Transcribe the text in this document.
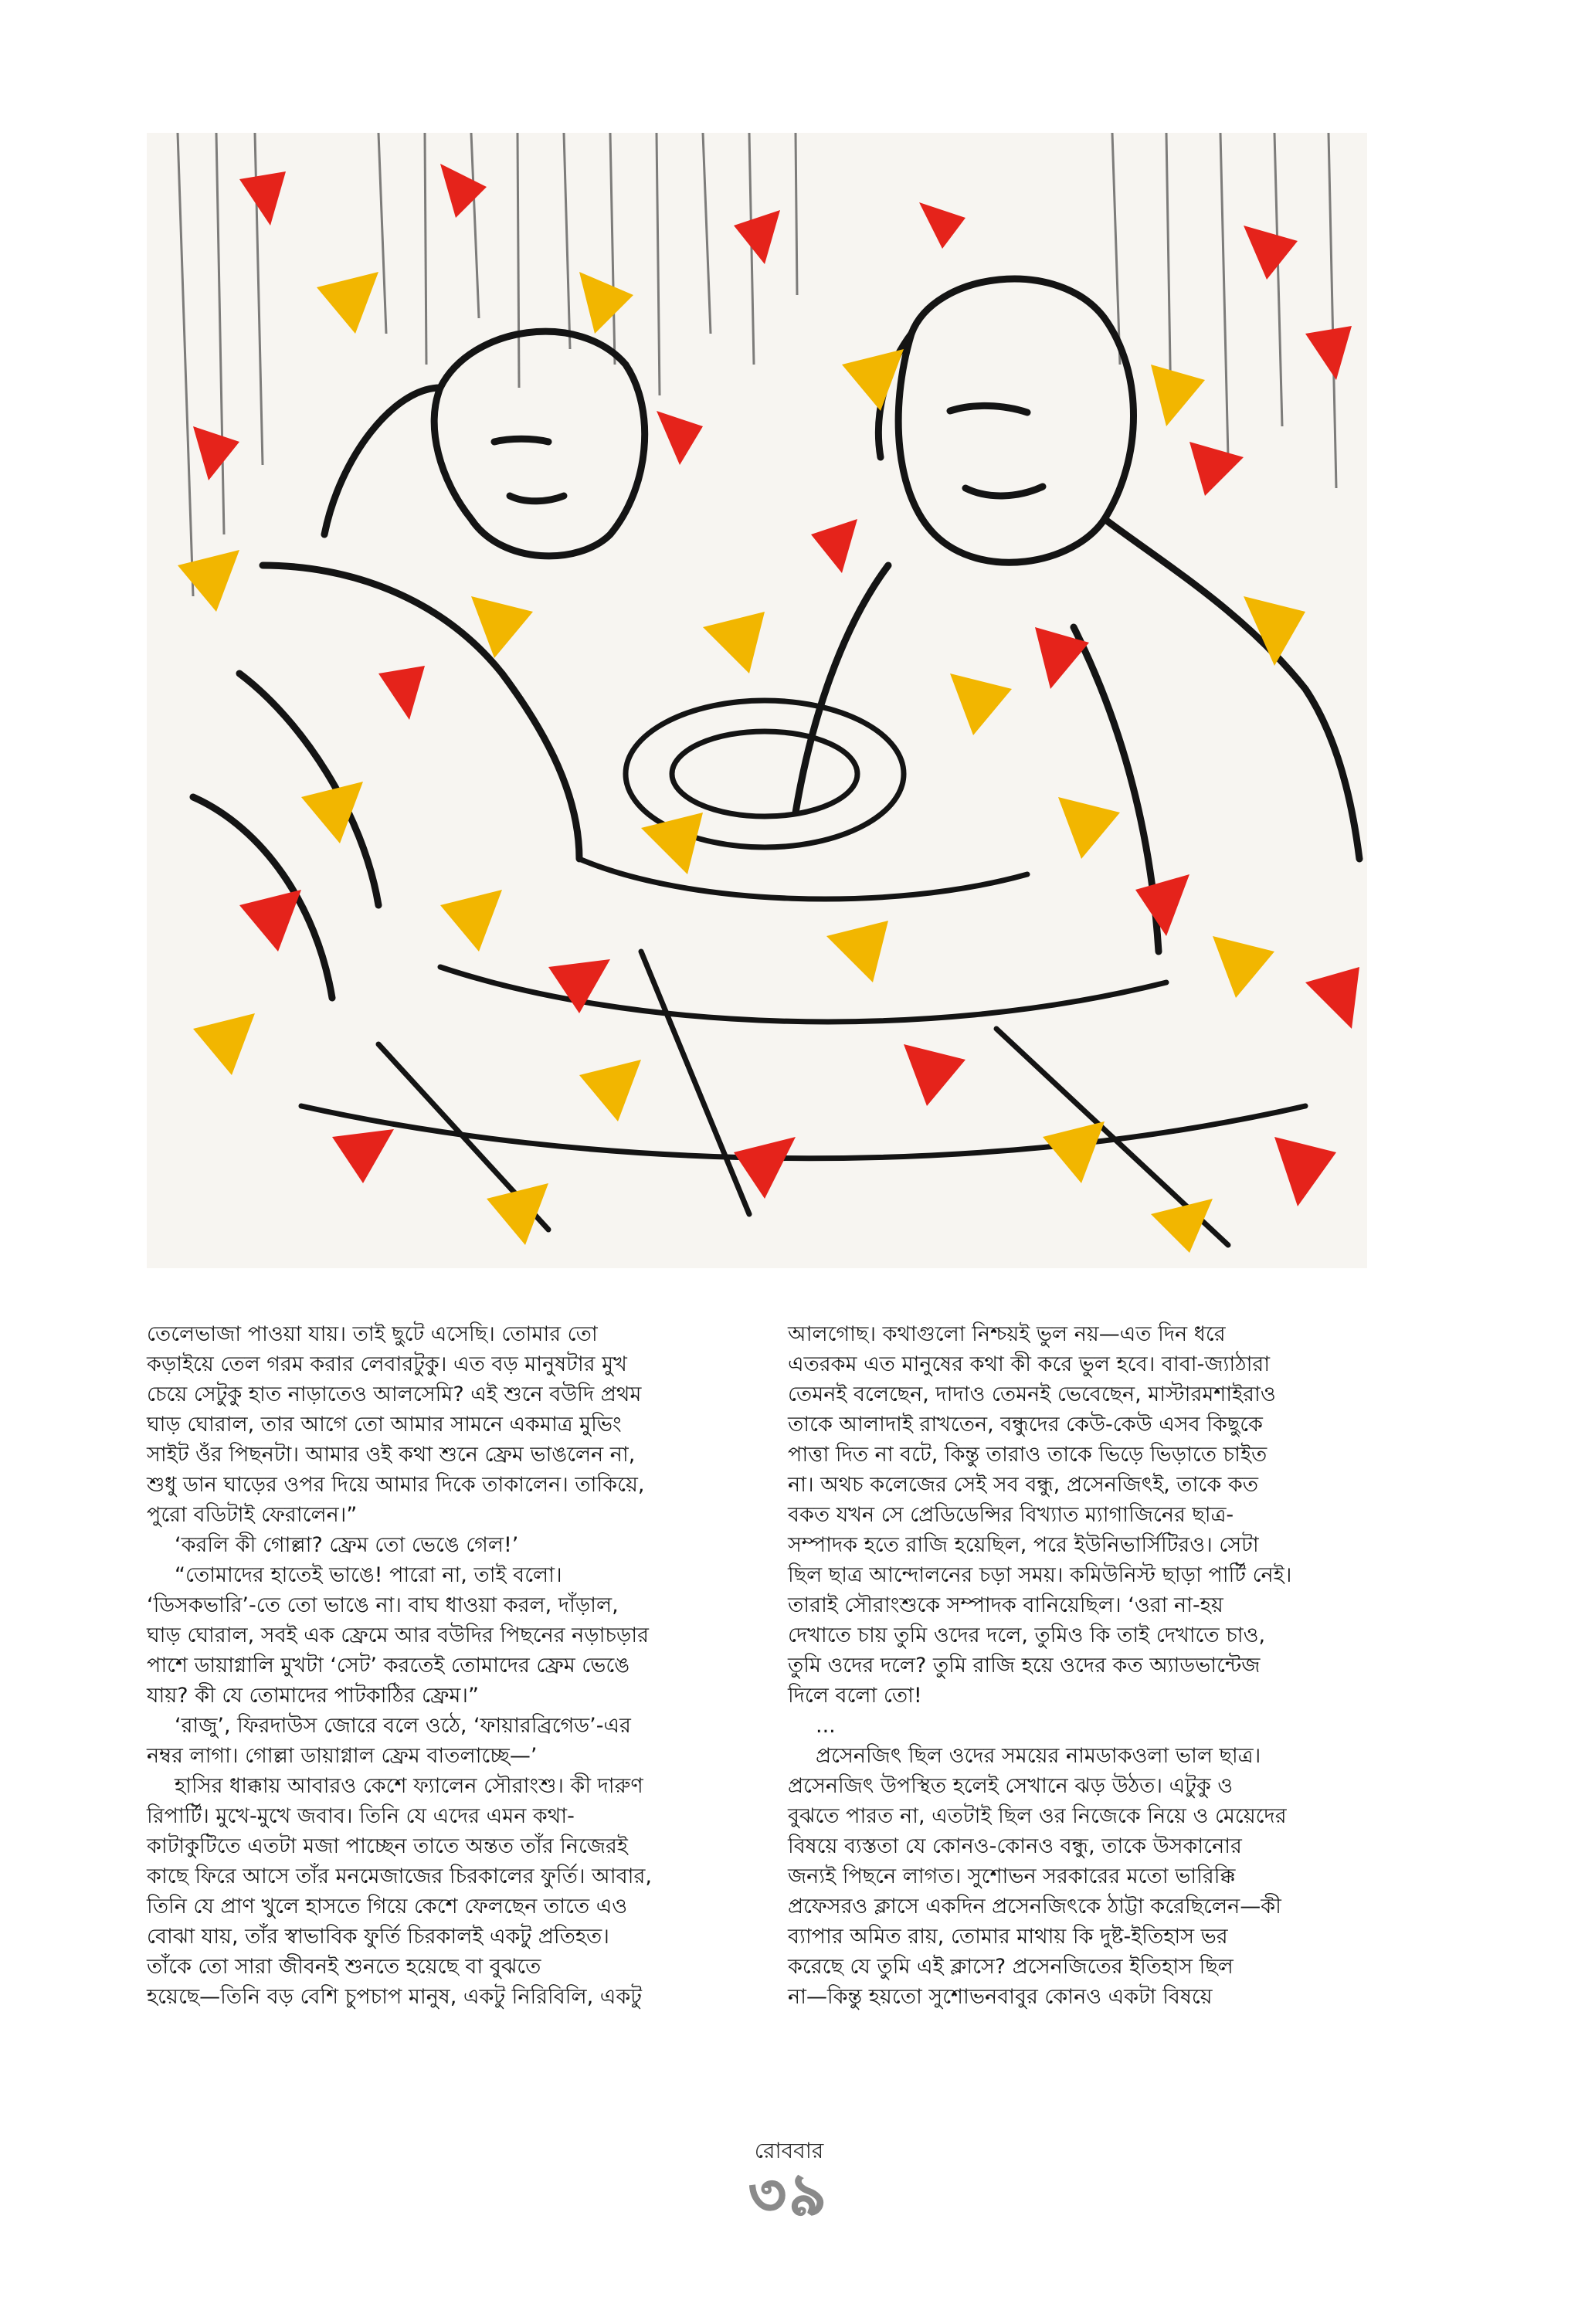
তেলেভাজা পাওয়া যায়। তাই ছুটে এসেছি। তোমার তো
কড়াইয়ে তেল গরম করার লেবারটুকু। এত বড় মানুষটার মুখ
চেয়ে সেটুকু হাত নাড়াতেও আলসেমি? এই শুনে বউদি প্রথম
ঘাড় ঘোরাল, তার আগে তো আমার সামনে একমাত্র মুভিং
সাইট ওঁর পিছনটা। আমার ওই কথা শুনে ফ্রেম ভাঙলেন না,
শুধু ডান ঘাড়ের ওপর দিয়ে আমার দিকে তাকালেন। তাকিয়ে,
পুরো বডিটাই ফেরালেন।”
‘করলি কী গোল্লা? ফ্রেম তো ভেঙে গেল!’
“তোমাদের হাতেই ভাঙে! পারো না, তাই বলো।
‘ডিসকভারি’-তে তো ভাঙে না। বাঘ ধাওয়া করল, দাঁড়াল,
ঘাড় ঘোরাল, সবই এক ফ্রেমে আর বউদির পিছনের নড়াচড়ার
পাশে ডায়াগ্নালি মুখটা ‘সেট’ করতেই তোমাদের ফ্রেম ভেঙে
যায়? কী যে তোমাদের পাটকাঠির ফ্রেম।”
‘রাজু’, ফিরদাউস জোরে বলে ওঠে, ‘ফায়ারব্রিগেড’-এর
নম্বর লাগা। গোল্লা ডায়াগ্নাল ফ্রেম বাতলাচ্ছে—’
হাসির ধাক্কায় আবারও কেশে ফ্যালেন সৌরাংশু। কী দারুণ
রিপার্টি। মুখে-মুখে জবাব। তিনি যে এদের এমন কথা-
কাটাকুটিতে এতটা মজা পাচ্ছেন তাতে অন্তত তাঁর নিজেরই
কাছে ফিরে আসে তাঁর মনমেজাজের চিরকালের ফুর্তি। আবার,
তিনি যে প্রাণ খুলে হাসতে গিয়ে কেশে ফেলছেন তাতে এও
বোঝা যায়, তাঁর স্বাভাবিক ফুর্তি চিরকালই একটু প্রতিহত।
তাঁকে তো সারা জীবনই শুনতে হয়েছে বা বুঝতে
হয়েছে—তিনি বড় বেশি চুপচাপ মানুষ, একটু নিরিবিলি, একটু
আলগোছ। কথাগুলো নিশ্চয়ই ভুল নয়—এত দিন ধরে
এতরকম এত মানুষের কথা কী করে ভুল হবে। বাবা-জ্যাঠারা
তেমনই বলেছেন, দাদাও তেমনই ভেবেছেন, মাস্টারমশাইরাও
তাকে আলাদাই রাখতেন, বন্ধুদের কেউ-কেউ এসব কিছুকে
পাত্তা দিত না বটে, কিন্তু তারাও তাকে ভিড়ে ভিড়াতে চাইত
না। অথচ কলেজের সেই সব বন্ধু, প্রসেনজিৎই, তাকে কত
বকত যখন সে প্রেডিডেন্সির বিখ্যাত ম্যাগাজিনের ছাত্র-
সম্পাদক হতে রাজি হয়েছিল, পরে ইউনিভার্সিটিরও। সেটা
ছিল ছাত্র আন্দোলনের চড়া সময়। কমিউনিস্ট ছাড়া পার্টি নেই।
তারাই সৌরাংশুকে সম্পাদক বানিয়েছিল। ‘ওরা না-হয়
দেখাতে চায় তুমি ওদের দলে, তুমিও কি তাই দেখাতে চাও,
তুমি ওদের দলে? তুমি রাজি হয়ে ওদের কত অ্যাডভান্টেজ
দিলে বলো তো!
...
প্রসেনজিৎ ছিল ওদের সময়ের নামডাকওলা ভাল ছাত্র।
প্রসেনজিৎ উপস্থিত হলেই সেখানে ঝড় উঠত। এটুকু ও
বুঝতে পারত না, এতটাই ছিল ওর নিজেকে নিয়ে ও মেয়েদের
বিষয়ে ব্যস্ততা যে কোনও-কোনও বন্ধু, তাকে উসকানোর
জন্যই পিছনে লাগত। সুশোভন সরকারের মতো ভারিক্কি
প্রফেসরও ক্লাসে একদিন প্রসেনজিৎকে ঠাট্টা করেছিলেন—কী
ব্যাপার অমিত রায়, তোমার মাথায় কি দুষ্ট-ইতিহাস ভর
করেছে যে তুমি এই ক্লাসে? প্রসেনজিতের ইতিহাস ছিল
না—কিন্তু হয়তো সুশোভনবাবুর কোনও একটা বিষয়ে
রোববার
৩৯
